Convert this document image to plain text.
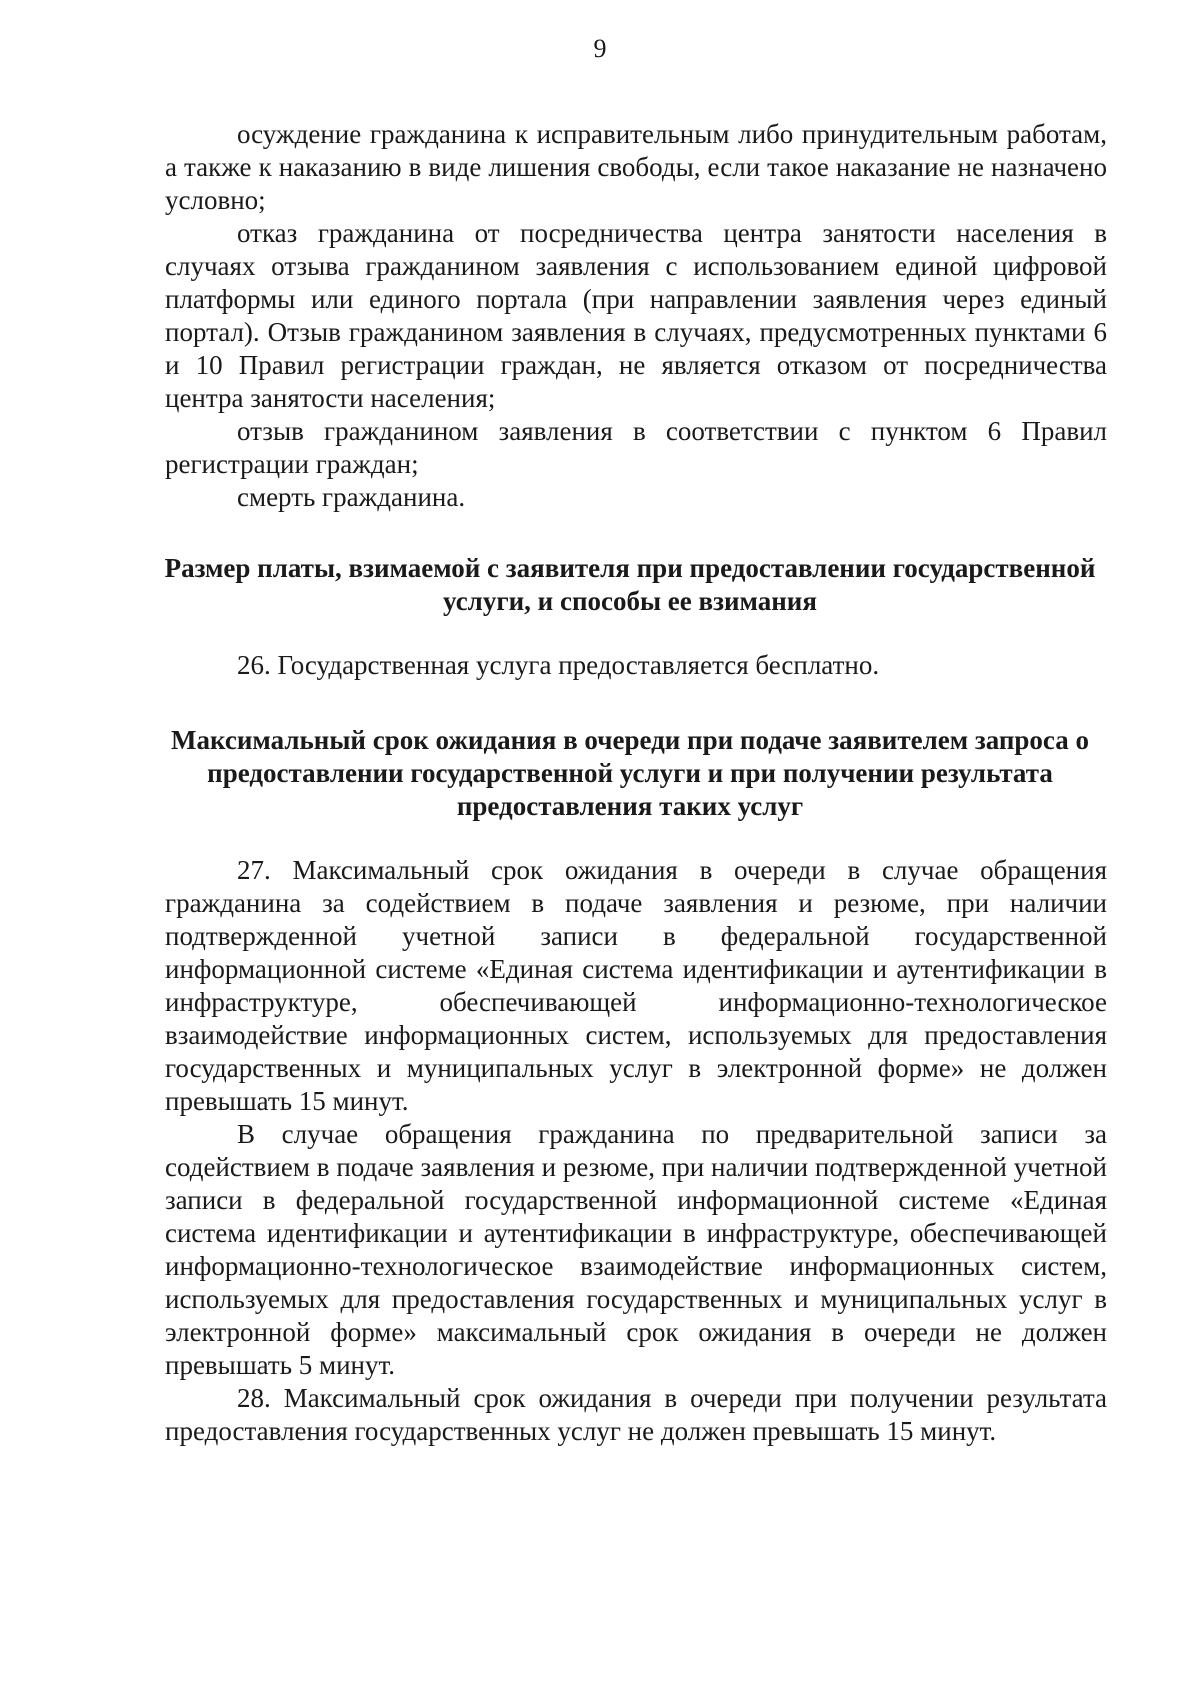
9

осуждение гражданина к исправительным либо принудительным работам, а также к наказанию в виде лишения свободы, если такое наказание не назначено условно;

отказ гражданина от посредничества центра занятости населения в случаях отзыва гражданином заявления с использованием единой цифровой платформы или единого портала (при направлении заявления через единый портал). Отзыв гражданином заявления в случаях, предусмотренных пунктами 6 и 10 Правил регистрации граждан, не является отказом от посредничества центра занятости населения;

отзыв гражданином заявления в соответствии с пунктом 6 Правил регистрации граждан;

смерть гражданина.

Размер платы, взимаемой с заявителя при предоставлении государственной услуги, и способы ее взимания

26. Государственная услуга предоставляется бесплатно.

Максимальный срок ожидания в очереди при подаче заявителем запроса о предоставлении государственной услуги и при получении результата предоставления таких услуг

27. Максимальный срок ожидания в очереди в случае обращения гражданина за содействием в подаче заявления и резюме, при наличии подтвержденной учетной записи в федеральной государственной информационной системе «Единая система идентификации и аутентификации в инфраструктуре, обеспечивающей информационно-технологическое взаимодействие информационных систем, используемых для предоставления государственных и муниципальных услуг в электронной форме» не должен превышать 15 минут.

В случае обращения гражданина по предварительной записи за содействием в подаче заявления и резюме, при наличии подтвержденной учетной записи в федеральной государственной информационной системе «Единая система идентификации и аутентификации в инфраструктуре, обеспечивающей информационно-технологическое взаимодействие информационных систем, используемых для предоставления государственных и муниципальных услуг в электронной форме» максимальный срок ожидания в очереди не должен превышать 5 минут.

28. Максимальный срок ожидания в очереди при получении результата предоставления государственных услуг не должен превышать 15 минут.
